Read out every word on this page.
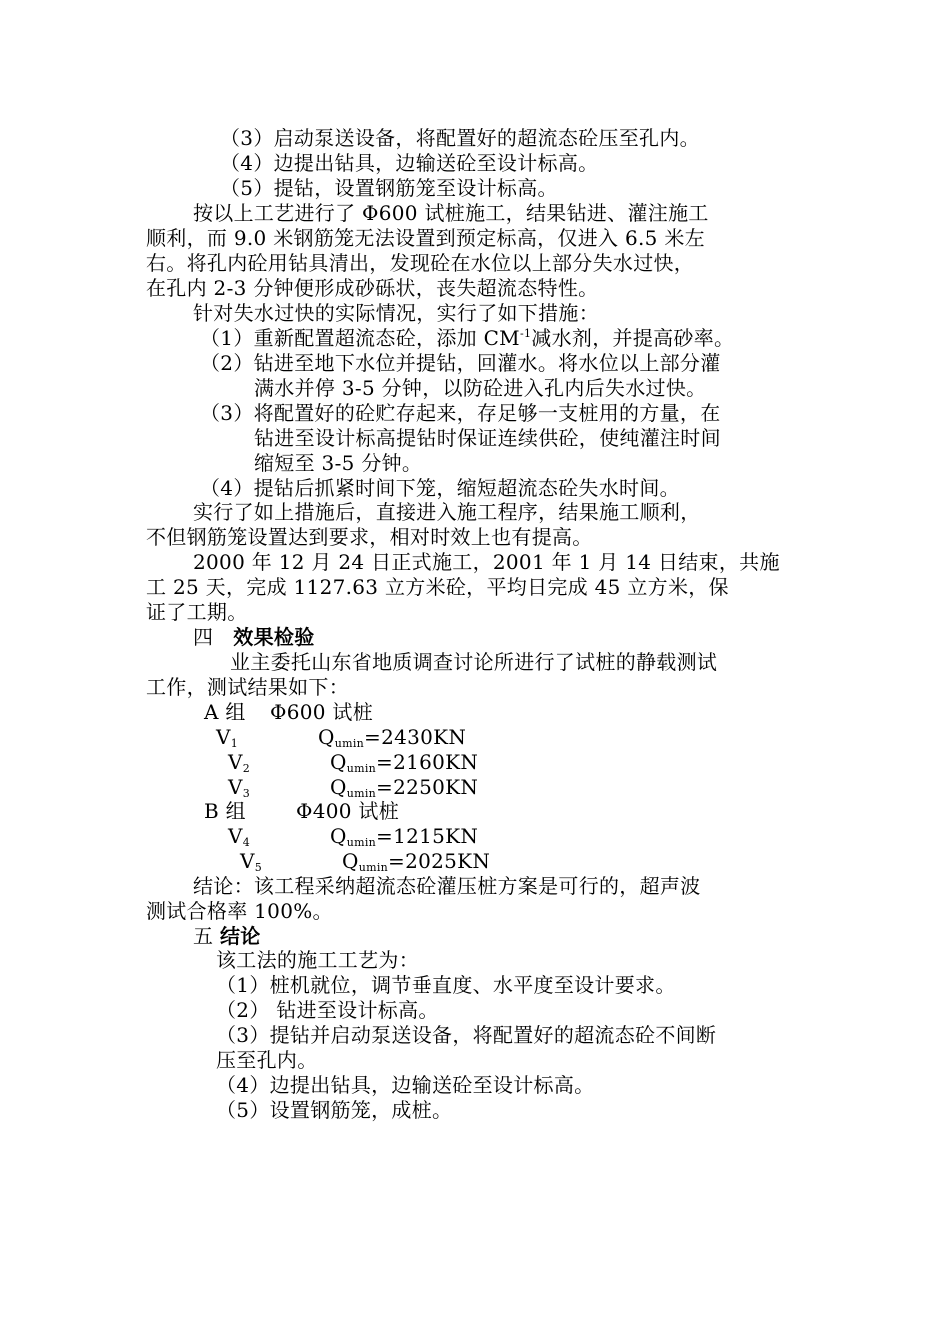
（3）启动泵送设备，将配置好的超流态砼压至孔内。
（4）边提出钻具，边输送砼至设计标高。
（5）提钻，设置钢筋笼至设计标高。
按以上工艺进行了 Φ600 试桩施工，结果钻进、灌注施工
顺利，而 9.0 米钢筋笼无法设置到预定标高，仅进入 6.5 米左
右。将孔内砼用钻具清出，发现砼在水位以上部分失水过快，
在孔内 2-3 分钟便形成砂砾状，丧失超流态特性。
针对失水过快的实际情况，实行了如下措施：
（1）重新配置超流态砼，添加 $CM^{-1}$减水剂，并提高砂率。
（2）钻进至地下水位并提钻，回灌水。将水位以上部分灌
满水并停 3-5 分钟，以防砼进入孔内后失水过快。
（3）将配置好的砼贮存起来，存足够一支桩用的方量，在
钻进至设计标高提钻时保证连续供砼，使纯灌注时间
缩短至 3-5 分钟。
（4）提钻后抓紧时间下笼，缩短超流态砼失水时间。
实行了如上措施后，直接进入施工程序，结果施工顺利，
不但钢筋笼设置达到要求，相对时效上也有提高。
2000 年 12 月 24 日正式施工，2001 年 1 月 14 日结束，共施
工 25 天，完成 1127.63 立方米砼，平均日完成 45 立方米，保
证了工期。
四 效果检验
业主委托山东省地质调查讨论所进行了试桩的静载测试
工作，测试结果如下：
A 组 Φ600 试桩
$V_1$	$Q_{umin}=2430KN$
$V_2$	$Q_{umin}=2160KN$
$V_3$	$Q_{umin}=2250KN$
B 组	Φ400 试桩
$V_4$	$Q_{umin}=1215KN$
$V_5$	$Q_{umin}=2025KN$
结论：该工程采纳超流态砼灌压桩方案是可行的，超声波
测试合格率 100%。
五 结论
该工法的施工工艺为：
（1）桩机就位，调节垂直度、水平度至设计要求。
（2） 钻进至设计标高。
（3）提钻并启动泵送设备，将配置好的超流态砼不间断
压至孔内。
（4）边提出钻具，边输送砼至设计标高。
（5）设置钢筋笼，成桩。
